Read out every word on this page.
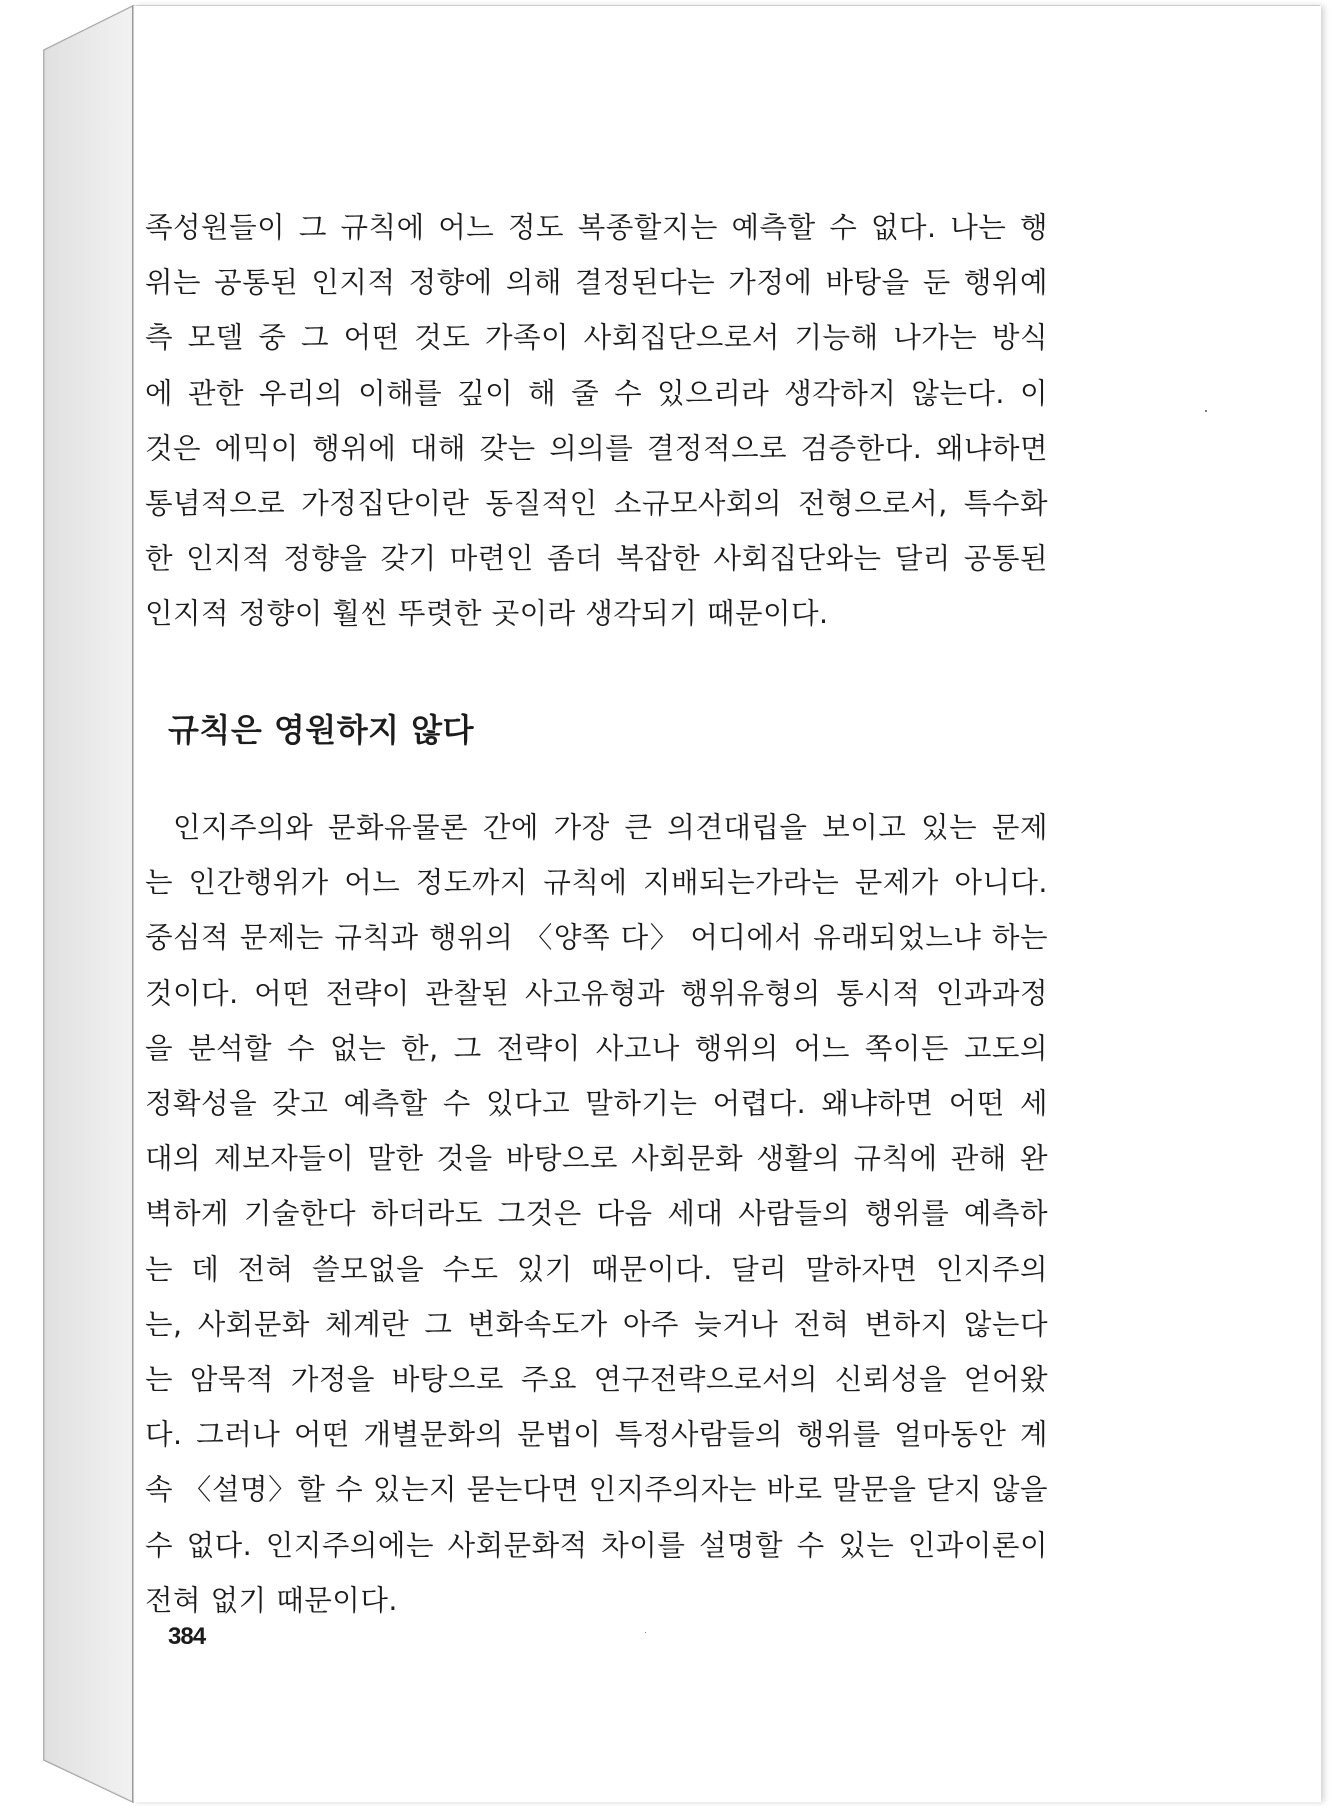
족성원들이 그 규칙에 어느 정도 복종할지는 예측할 수 없다. 나는 행
위는 공통된 인지적 정향에 의해 결정된다는 가정에 바탕을 둔 행위예
측 모델 중 그 어떤 것도 가족이 사회집단으로서 기능해 나가는 방식
에 관한 우리의 이해를 깊이 해 줄 수 있으리라 생각하지 않는다. 이
것은 에믹이 행위에 대해 갖는 의의를 결정적으로 검증한다. 왜냐하면
통념적으로 가정집단이란 동질적인 소규모사회의 전형으로서, 특수화
한 인지적 정향을 갖기 마련인 좀더 복잡한 사회집단와는 달리 공통된
인지적 정향이 훨씬 뚜렷한 곳이라 생각되기 때문이다.

규칙은 영원하지 않다

인지주의와 문화유물론 간에 가장 큰 의견대립을 보이고 있는 문제
는 인간행위가 어느 정도까지 규칙에 지배되는가라는 문제가 아니다.
중심적 문제는 규칙과 행위의 〈양쪽 다〉 어디에서 유래되었느냐 하는
것이다. 어떤 전략이 관찰된 사고유형과 행위유형의 통시적 인과과정
을 분석할 수 없는 한, 그 전략이 사고나 행위의 어느 쪽이든 고도의
정확성을 갖고 예측할 수 있다고 말하기는 어렵다. 왜냐하면 어떤 세
대의 제보자들이 말한 것을 바탕으로 사회문화 생활의 규칙에 관해 완
벽하게 기술한다 하더라도 그것은 다음 세대 사람들의 행위를 예측하
는 데 전혀 쓸모없을 수도 있기 때문이다. 달리 말하자면 인지주의
는, 사회문화 체계란 그 변화속도가 아주 늦거나 전혀 변하지 않는다
는 암묵적 가정을 바탕으로 주요 연구전략으로서의 신뢰성을 얻어왔
다. 그러나 어떤 개별문화의 문법이 특정사람들의 행위를 얼마동안 계
속 〈설명〉할 수 있는지 묻는다면 인지주의자는 바로 말문을 닫지 않을
수 없다. 인지주의에는 사회문화적 차이를 설명할 수 있는 인과이론이
전혀 없기 때문이다.

384
